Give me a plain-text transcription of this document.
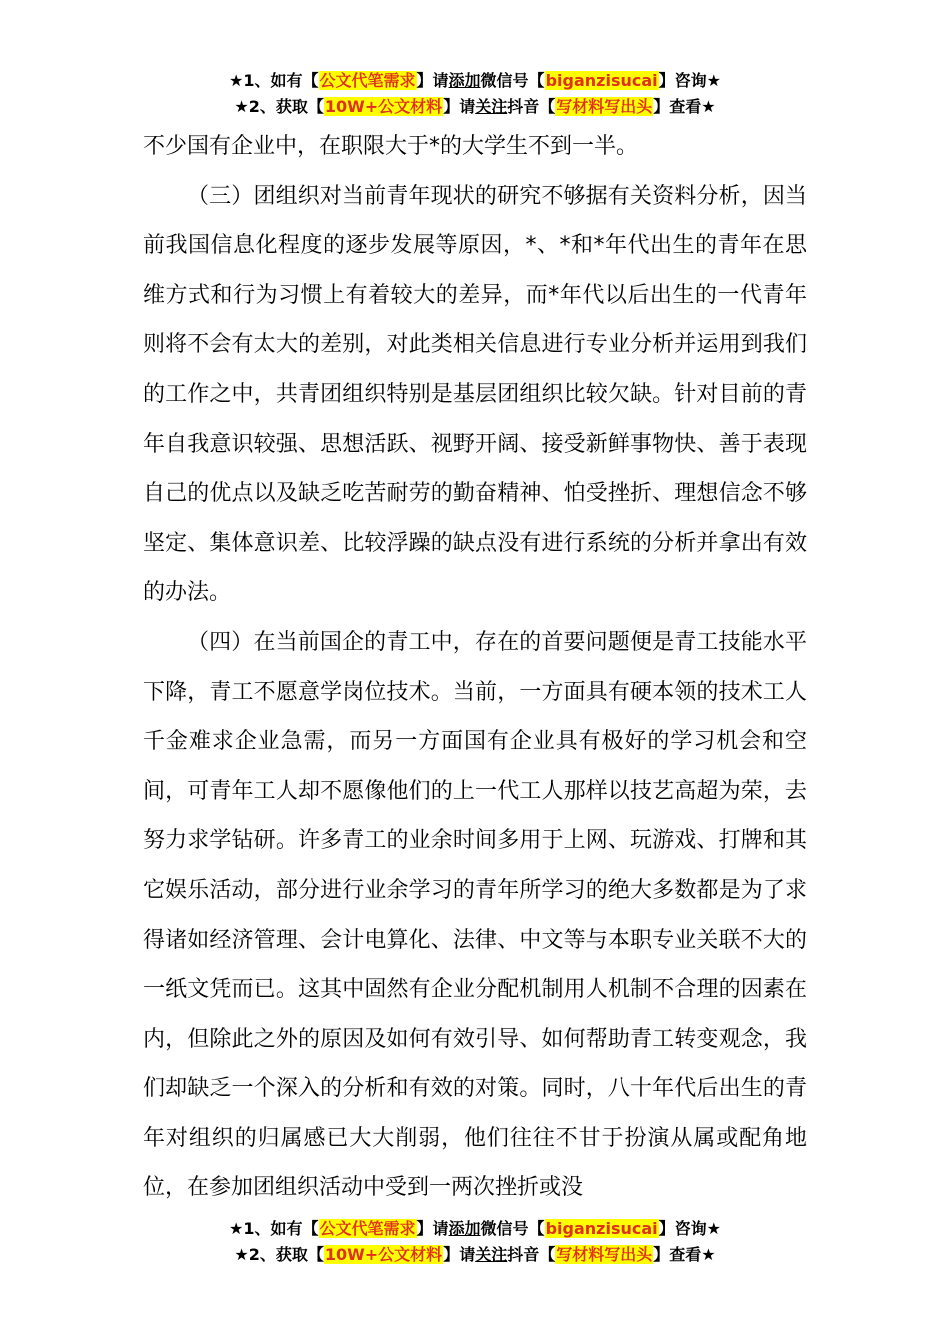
★1、如有【公文代笔需求】请添加微信号【biganzisucai】咨询★
★2、获取【10W+公文材料】请关注抖音【写材料写出头】查看★

不少国有企业中，在职限大于*的大学生不到一半。

（三）团组织对当前青年现状的研究不够据有关资料分析，因当前我国信息化程度的逐步发展等原因，*、*和*年代出生的青年在思维方式和行为习惯上有着较大的差异，而*年代以后出生的一代青年则将不会有太大的差别，对此类相关信息进行专业分析并运用到我们的工作之中，共青团组织特别是基层团组织比较欠缺。针对目前的青年自我意识较强、思想活跃、视野开阔、接受新鲜事物快、善于表现自己的优点以及缺乏吃苦耐劳的勤奋精神、怕受挫折、理想信念不够坚定、集体意识差、比较浮躁的缺点没有进行系统的分析并拿出有效的办法。

（四）在当前国企的青工中，存在的首要问题便是青工技能水平下降，青工不愿意学岗位技术。当前，一方面具有硬本领的技术工人千金难求企业急需，而另一方面国有企业具有极好的学习机会和空间，可青年工人却不愿像他们的上一代工人那样以技艺高超为荣，去努力求学钻研。许多青工的业余时间多用于上网、玩游戏、打牌和其它娱乐活动，部分进行业余学习的青年所学习的绝大多数都是为了求得诸如经济管理、会计电算化、法律、中文等与本职专业关联不大的一纸文凭而已。这其中固然有企业分配机制用人机制不合理的因素在内，但除此之外的原因及如何有效引导、如何帮助青工转变观念，我们却缺乏一个深入的分析和有效的对策。同时，八十年代后出生的青年对组织的归属感已大大削弱，他们往往不甘于扮演从属或配角地位，在参加团组织活动中受到一两次挫折或没

★1、如有【公文代笔需求】请添加微信号【biganzisucai】咨询★
★2、获取【10W+公文材料】请关注抖音【写材料写出头】查看★
